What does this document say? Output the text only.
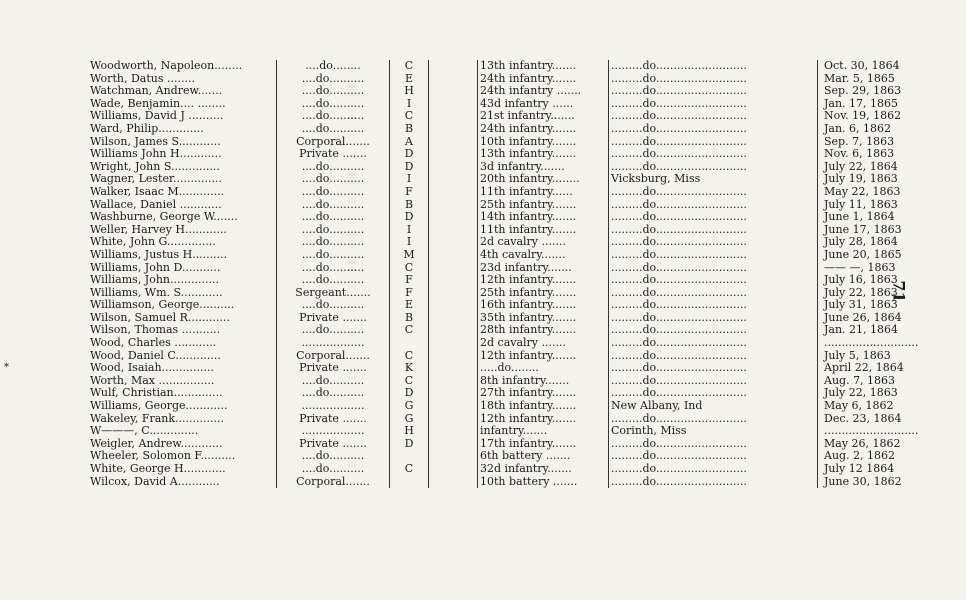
Woodworth, Napoleon........	....do........	C		13th infantry.......	.........do..........................	Oct. 30, 1864
Worth, Datus ........	....do..........	E		24th infantry.......	.........do..........................	Mar. 5, 1865
Watchman, Andrew.......	....do..........	H		24th infantry .......	.........do..........................	Sep. 29, 1863
Wade, Benjamin.... ........	....do..........	I		43d infantry ......	.........do..........................	Jan. 17, 1865
Williams, David J ..........	....do..........	C		21st infantry.......	.........do..........................	Nov. 19, 1862
Ward, Philip.............	....do..........	B		24th infantry.......	.........do..........................	Jan. 6, 1862
Wilson, James S............	Corporal.......	A		10th infantry.......	.........do..........................	Sep. 7, 1863
Williams John H............	Private .......	D		13th infantry.......	.........do..........................	Nov. 6, 1863
Wright, John S..............	....do..........	D		3d infantry.......	.........do..........................	July 22, 1864
Wagner, Lester..............	....do..........	I		20th infantry........	Vicksburg, Miss	July 19, 1863
Walker, Isaac M.............	....do..........	F		11th infantry......	.........do..........................	May 22, 1863
Wallace, Daniel ............	....do..........	B		25th infantry.......	.........do..........................	July 11, 1863
Washburne, George W.......	....do..........	D		14th infantry.......	.........do..........................	June 1, 1864
Weller, Harvey H............	....do..........	I		11th infantry.......	.........do..........................	June 17, 1863
White, John G..............	....do..........	I		2d cavalry .......	.........do..........................	July 28, 1864
Williams, Justus H..........	....do..........	M		4th cavalry.......	.........do..........................	June 20, 1865
Williams, John D...........	....do..........	C		23d infantry.......	.........do..........................	—— —, 1863
Williams, John..............	....do..........	F		12th infantry.......	.........do..........................	July 16, 1863
Williams, Wm. S............	Sergeant.......	F		25th infantry.......	.........do..........................	July 22, 1863
Williamson, George..........	....do..........	E		16th infantry.......	.........do..........................	July 31, 1863
Wilson, Samuel R............	Private .......	B		35th infantry.......	.........do..........................	June 26, 1864
Wilson, Thomas ...........	....do..........	C		28th infantry.......	.........do..........................	Jan. 21, 1864
Wood, Charles ............	..................			2d cavalry .......	.........do..........................	...........................
Wood, Daniel C.............	Corporal.......	C		12th infantry.......	.........do..........................	July 5, 1863
Wood, Isaiah...............	Private .......	K		.....do........	.........do..........................	April 22, 1864
Worth, Max ................	....do..........	C		8th infantry.......	.........do..........................	Aug. 7, 1863
Wulf, Christian..............	....do..........	D		27th infantry.......	.........do..........................	July 22, 1863
Williams, George............	..................	G		18th infantry.......	New Albany, Ind	May 6, 1862
Wakeley, Frank..............	Private .......	G		12th infantry.......	.........do..........................	Dec. 23, 1864
W———, C..............	..................	H		infantry.......	Corinth, Miss	...........................
Weigler, Andrew............	Private .......	D		17th infantry.......	.........do..........................	May 26, 1862
Wheeler, Solomon F..........	....do..........			6th battery .......	.........do..........................	Aug. 2, 1862
White, George H............	....do..........	C		32d infantry.......	.........do..........................	July 12 1864
Wilcox, David A............	Corporal.......			10th battery .......	.........do..........................	June 30, 1862
71
*
